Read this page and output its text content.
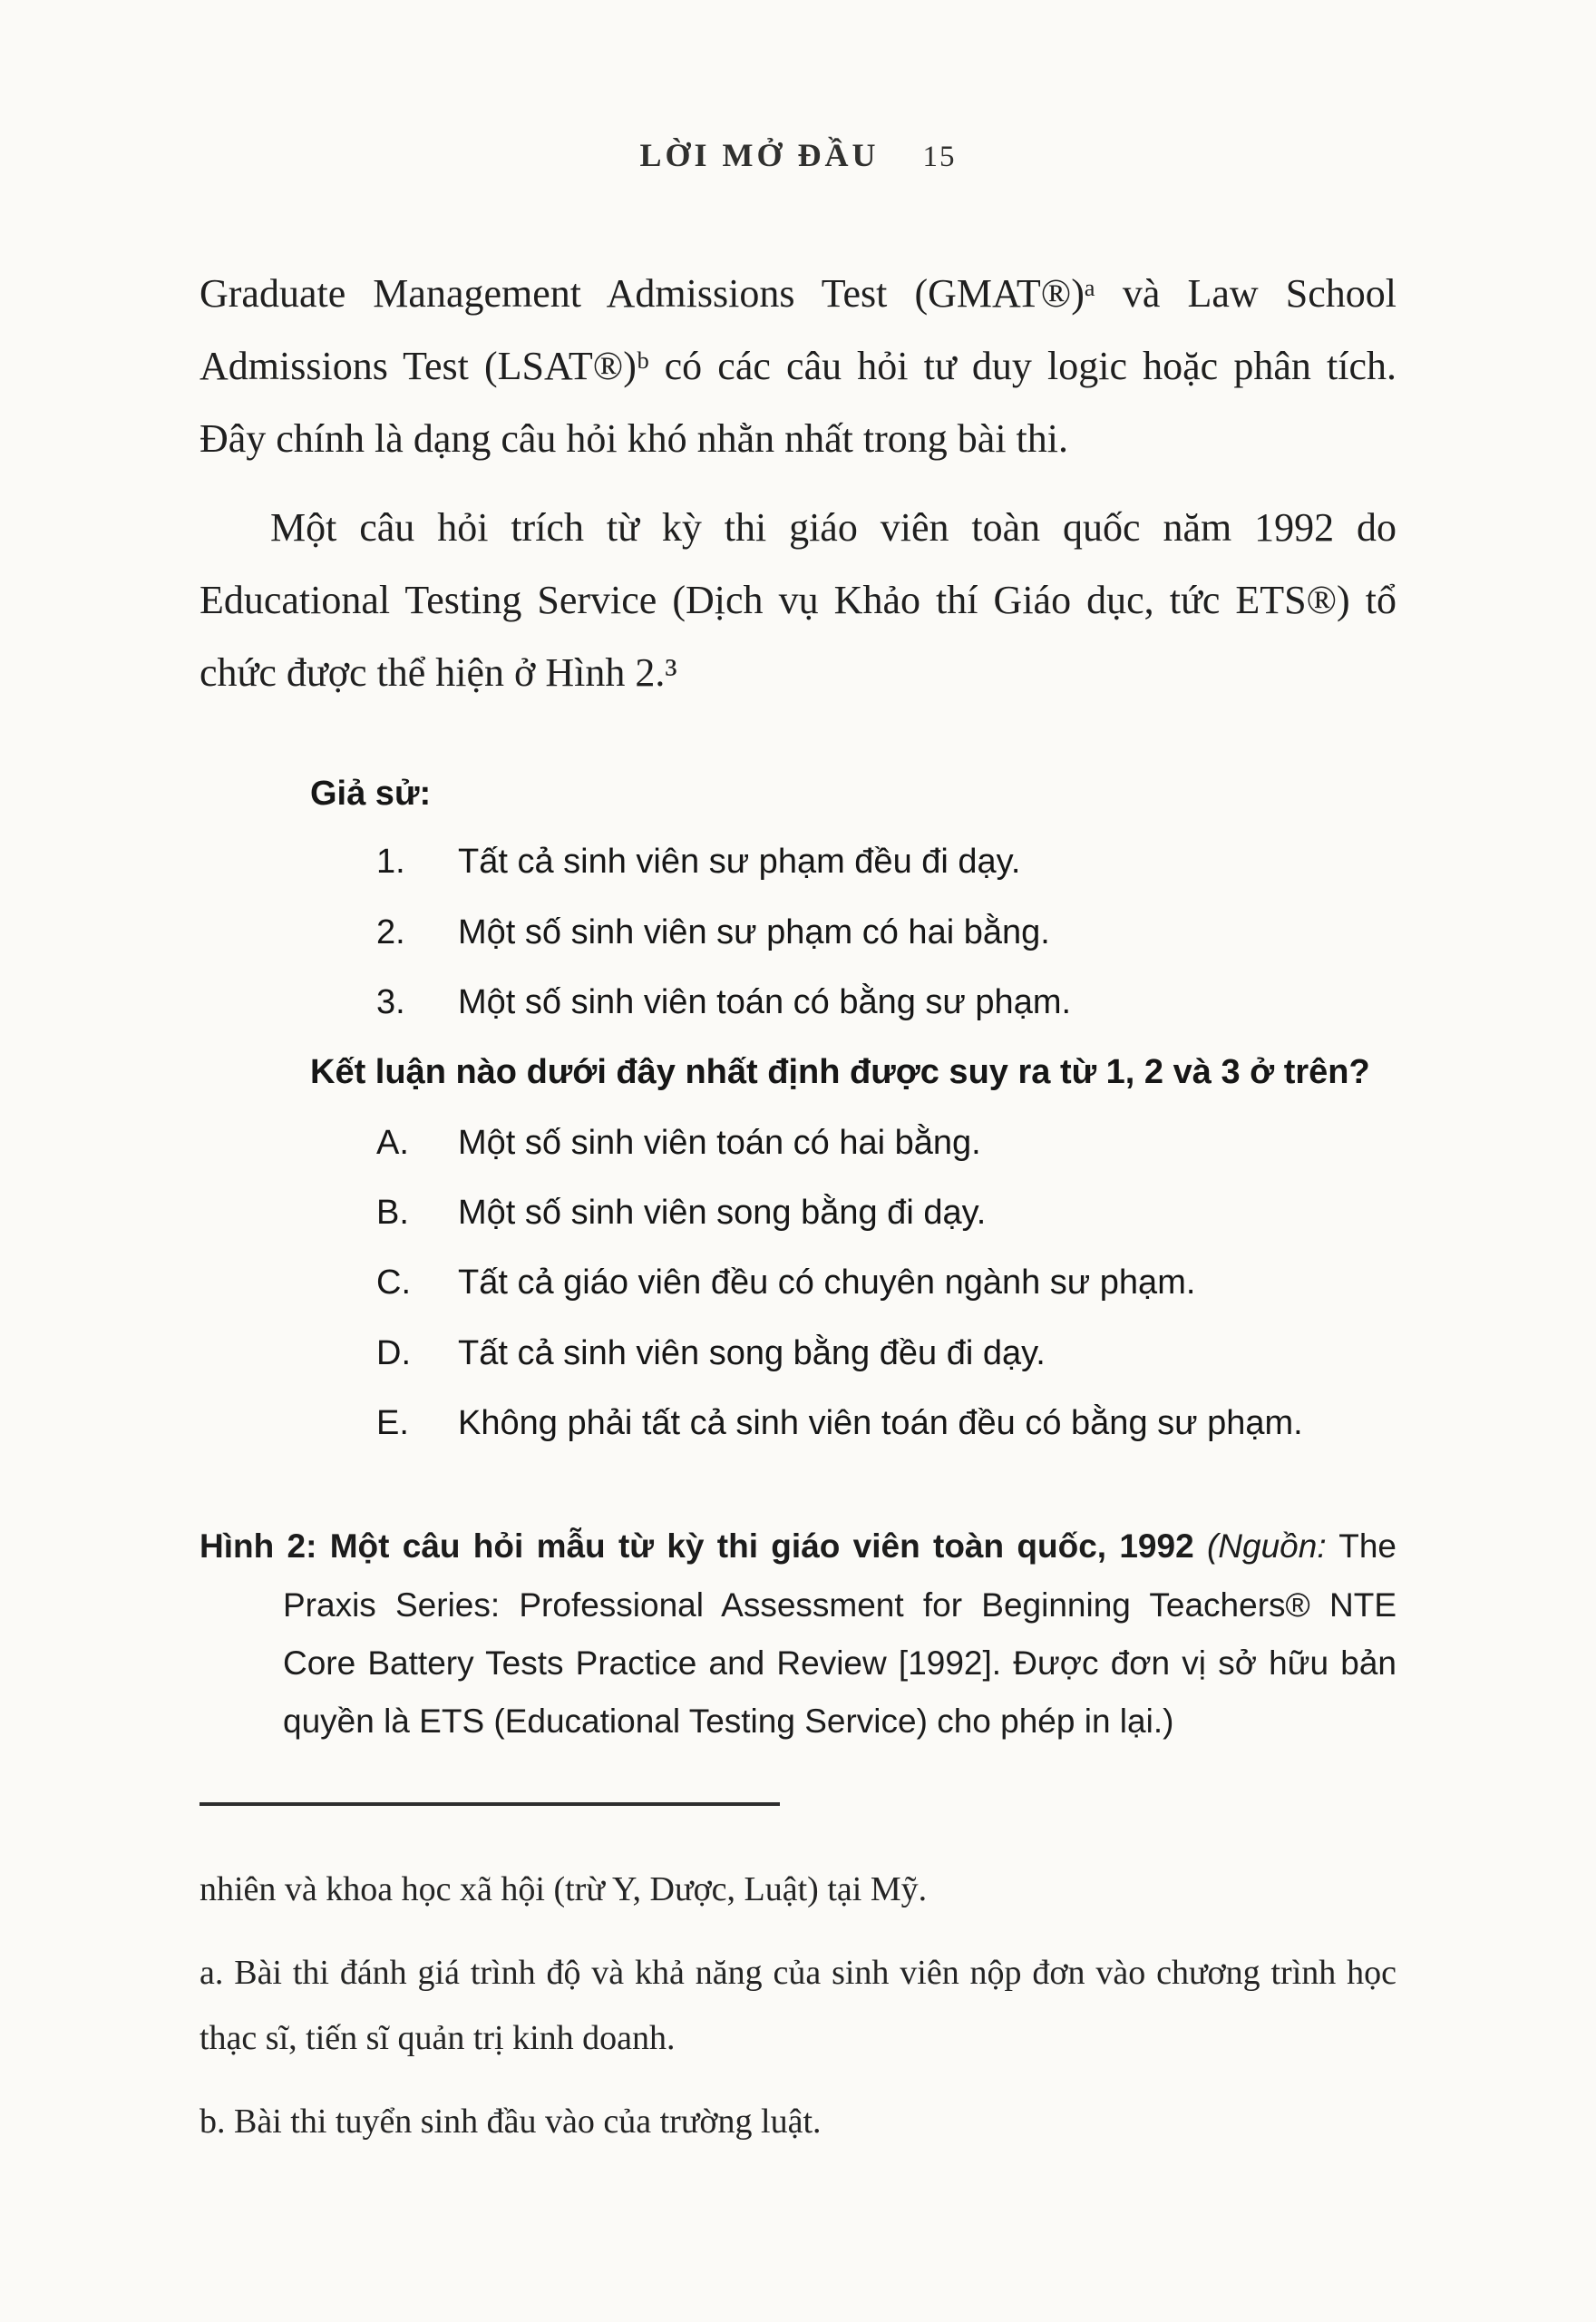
LỜI MỞ ĐẦU 15

Graduate Management Admissions Test (GMAT®)ᵃ và Law School Admissions Test (LSAT®)ᵇ có các câu hỏi tư duy logic hoặc phân tích. Đây chính là dạng câu hỏi khó nhằn nhất trong bài thi.

Một câu hỏi trích từ kỳ thi giáo viên toàn quốc năm 1992 do Educational Testing Service (Dịch vụ Khảo thí Giáo dục, tức ETS®) tổ chức được thể hiện ở Hình 2.³

Giả sử:
1.	Tất cả sinh viên sư phạm đều đi dạy.
2.	Một số sinh viên sư phạm có hai bằng.
3.	Một số sinh viên toán có bằng sư phạm.
Kết luận nào dưới đây nhất định được suy ra từ 1, 2 và 3 ở trên?
A.	Một số sinh viên toán có hai bằng.
B.	Một số sinh viên song bằng đi dạy.
C.	Tất cả giáo viên đều có chuyên ngành sư phạm.
D.	Tất cả sinh viên song bằng đều đi dạy.
E.	Không phải tất cả sinh viên toán đều có bằng sư phạm.
Hình 2: Một câu hỏi mẫu từ kỳ thi giáo viên toàn quốc, 1992 (Nguồn: The Praxis Series: Professional Assessment for Beginning Teachers® NTE Core Battery Tests Practice and Review [1992]. Được đơn vị sở hữu bản quyền là ETS (Educational Testing Service) cho phép in lại.)

nhiên và khoa học xã hội (trừ Y, Dược, Luật) tại Mỹ.

a. Bài thi đánh giá trình độ và khả năng của sinh viên nộp đơn vào chương trình học thạc sĩ, tiến sĩ quản trị kinh doanh.

b. Bài thi tuyển sinh đầu vào của trường luật.
